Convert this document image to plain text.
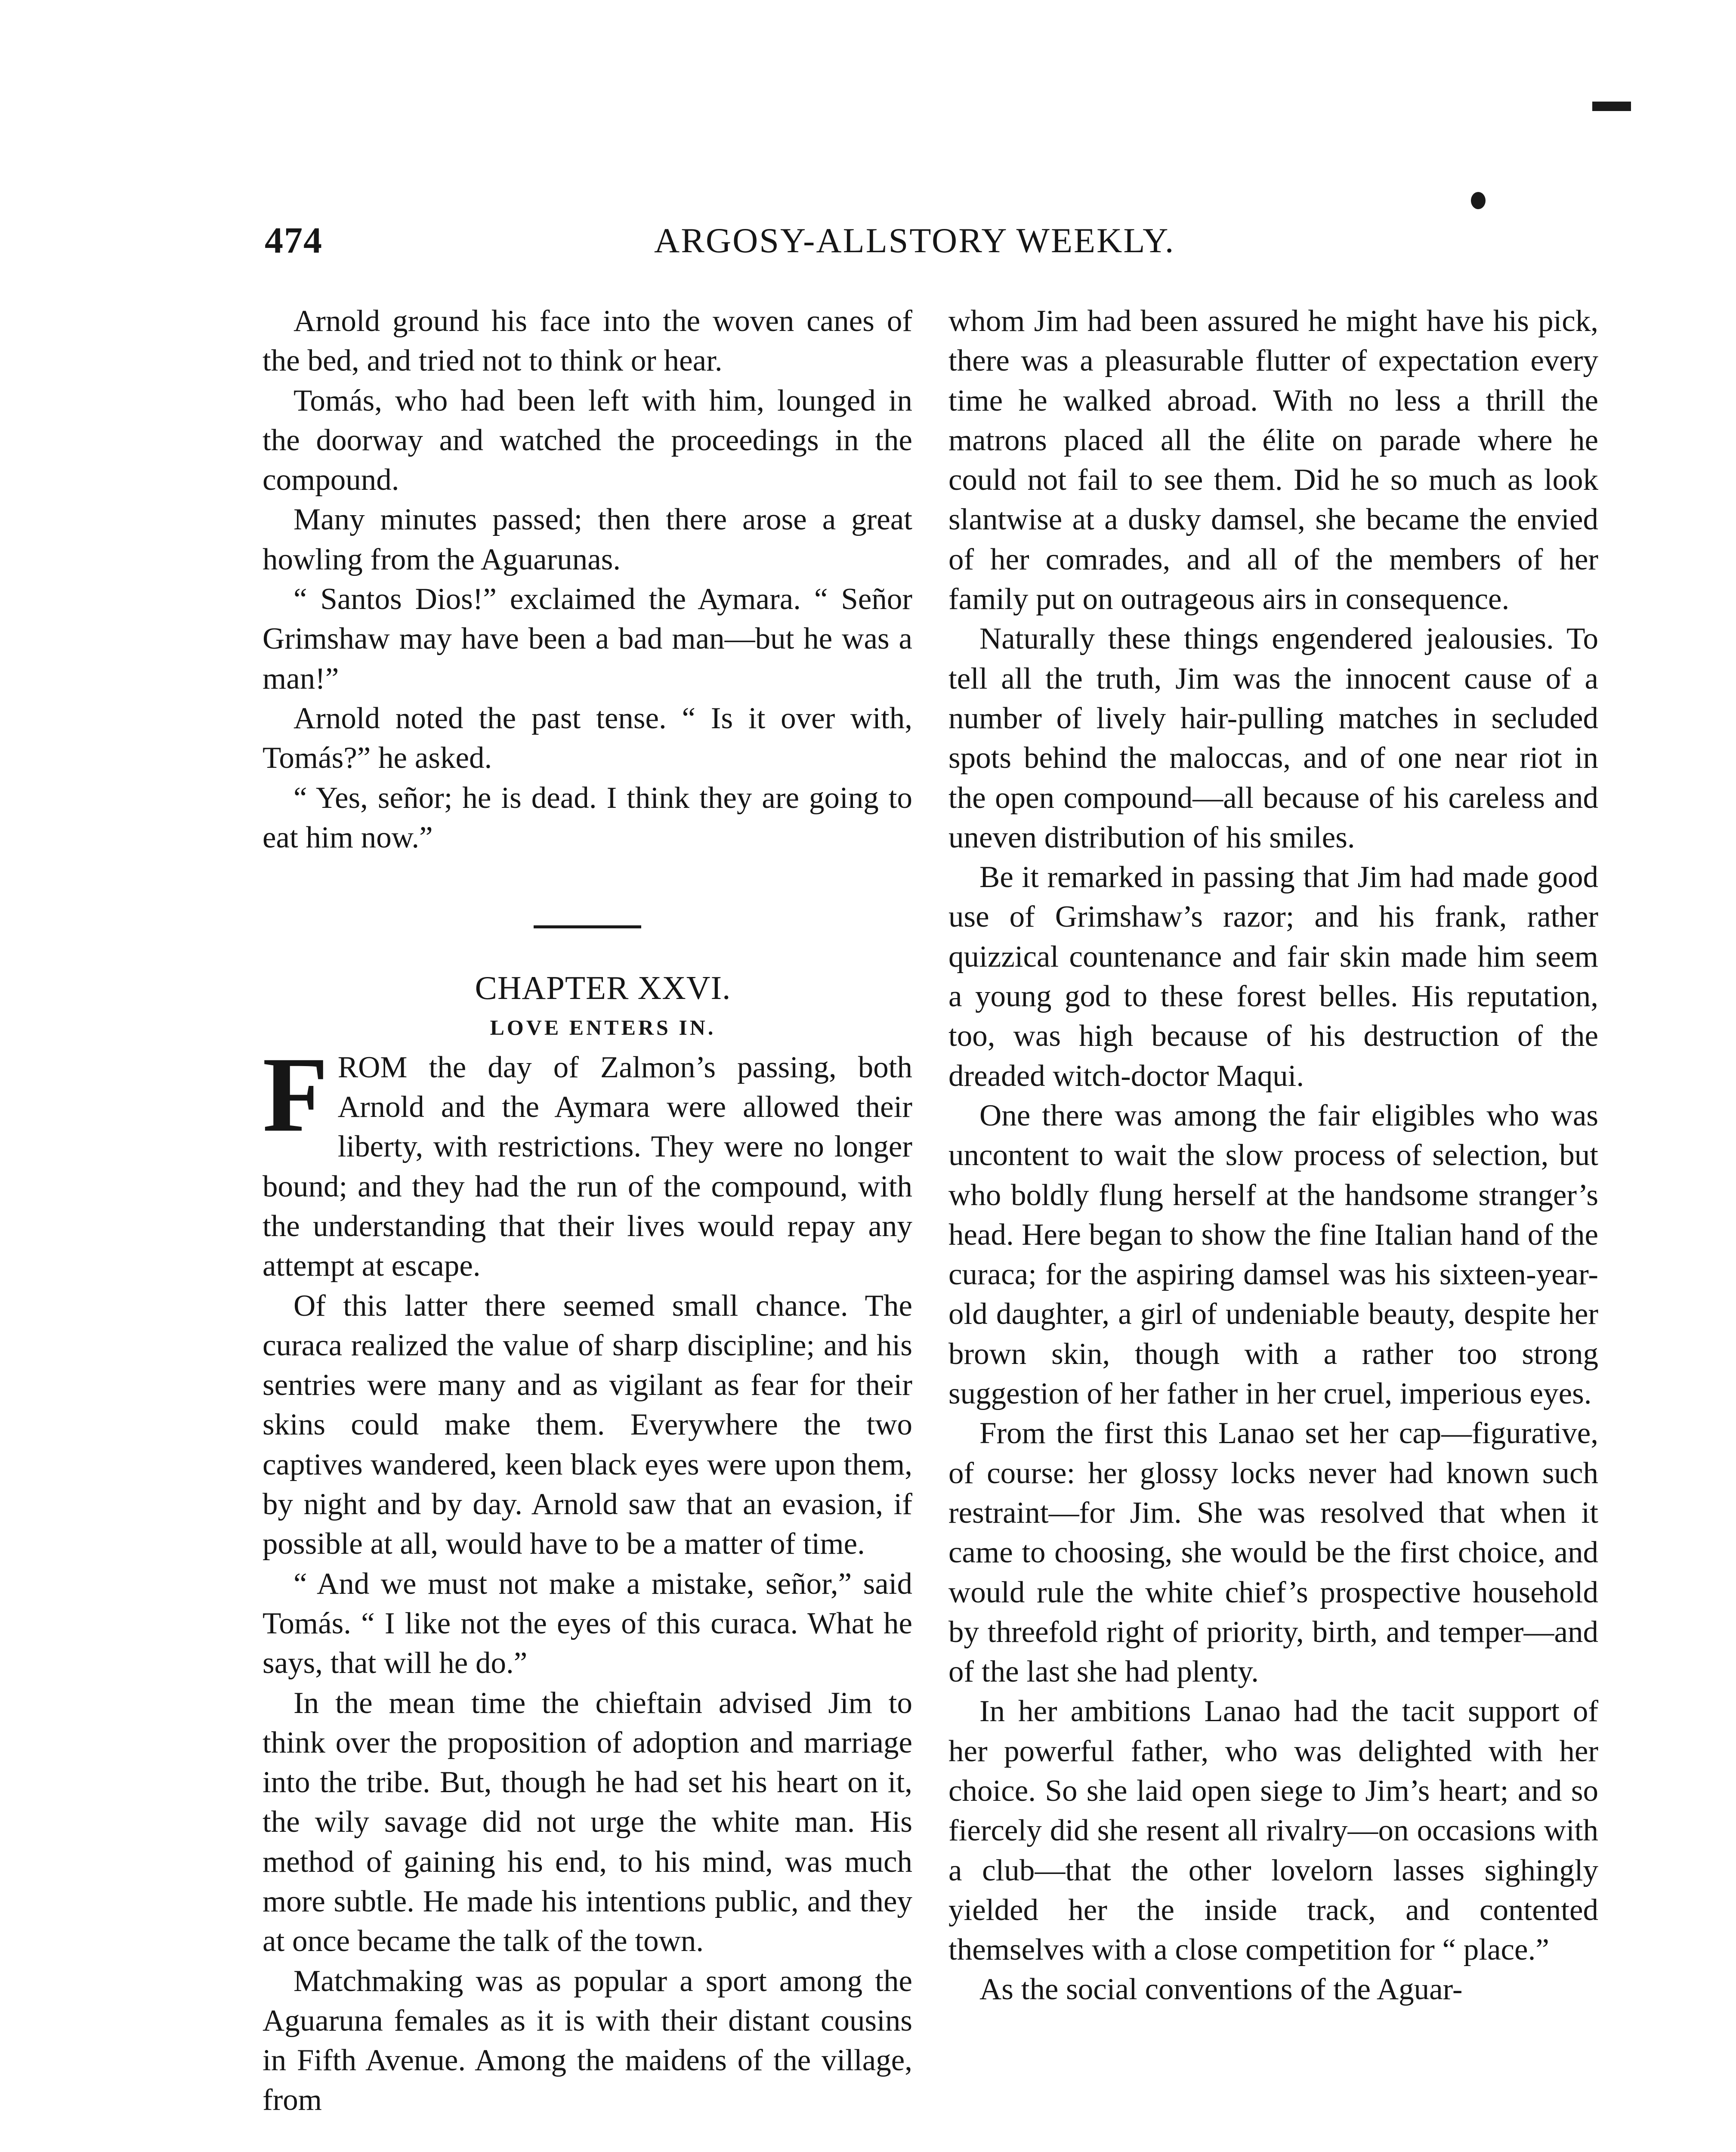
474	ARGOSY-ALLSTORY WEEKLY.

Arnold ground his face into the woven canes of the bed, and tried not to think or hear.

Tomás, who had been left with him, lounged in the doorway and watched the proceedings in the compound.

Many minutes passed; then there arose a great howling from the Aguarunas.

“ Santos Dios!” exclaimed the Aymara. “ Señor Grimshaw may have been a bad man—but he was a man!”

Arnold noted the past tense. “ Is it over with, Tomás?” he asked.

“ Yes, señor; he is dead. I think they are going to eat him now.”

CHAPTER XXVI.

LOVE ENTERS IN.

FROM the day of Zalmon’s passing, both Arnold and the Aymara were allowed their liberty, with restrictions. They were no longer bound; and they had the run of the compound, with the understanding that their lives would repay any attempt at escape.

Of this latter there seemed small chance. The curaca realized the value of sharp discipline; and his sentries were many and as vigilant as fear for their skins could make them. Everywhere the two captives wandered, keen black eyes were upon them, by night and by day. Arnold saw that an evasion, if possible at all, would have to be a matter of time.

“ And we must not make a mistake, señor,” said Tomás. “ I like not the eyes of this curaca. What he says, that will he do.”

In the mean time the chieftain advised Jim to think over the proposition of adoption and marriage into the tribe. But, though he had set his heart on it, the wily savage did not urge the white man. His method of gaining his end, to his mind, was much more subtle. He made his intentions public, and they at once became the talk of the town.

Matchmaking was as popular a sport among the Aguaruna females as it is with their distant cousins in Fifth Avenue. Among the maidens of the village, from

whom Jim had been assured he might have his pick, there was a pleasurable flutter of expectation every time he walked abroad. With no less a thrill the matrons placed all the élite on parade where he could not fail to see them. Did he so much as look slantwise at a dusky damsel, she became the envied of her comrades, and all of the members of her family put on outrageous airs in consequence.

Naturally these things engendered jealousies. To tell all the truth, Jim was the innocent cause of a number of lively hair-pulling matches in secluded spots behind the maloccas, and of one near riot in the open compound—all because of his careless and uneven distribution of his smiles.

Be it remarked in passing that Jim had made good use of Grimshaw’s razor; and his frank, rather quizzical countenance and fair skin made him seem a young god to these forest belles. His reputation, too, was high because of his destruction of the dreaded witch-doctor Maqui.

One there was among the fair eligibles who was uncontent to wait the slow process of selection, but who boldly flung herself at the handsome stranger’s head. Here began to show the fine Italian hand of the curaca; for the aspiring damsel was his sixteen-year-old daughter, a girl of undeniable beauty, despite her brown skin, though with a rather too strong suggestion of her father in her cruel, imperious eyes.

From the first this Lanao set her cap—figurative, of course: her glossy locks never had known such restraint—for Jim. She was resolved that when it came to choosing, she would be the first choice, and would rule the white chief’s prospective household by threefold right of priority, birth, and temper—and of the last she had plenty.

In her ambitions Lanao had the tacit support of her powerful father, who was delighted with her choice. So she laid open siege to Jim’s heart; and so fiercely did she resent all rivalry—on occasions with a club—that the other lovelorn lasses sighingly yielded her the inside track, and contented themselves with a close competition for “ place.”

As the social conventions of the Aguar-
